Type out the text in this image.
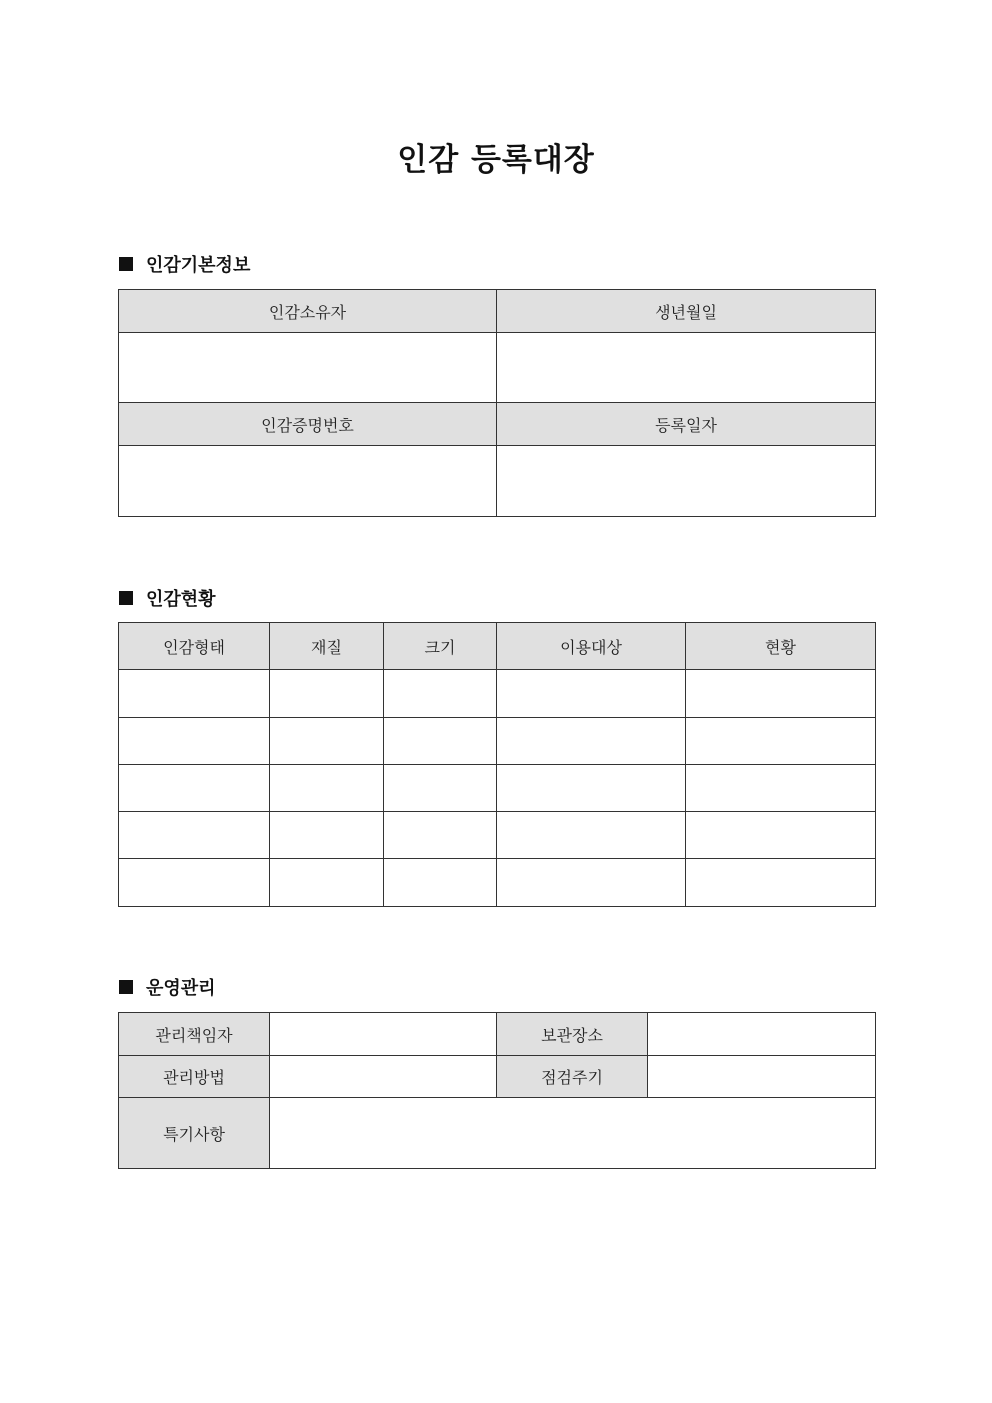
인감 등록대장
인감기본정보
인감소유자	생년월일

인감증명번호	등록일자

인감현황
인감형태	재질	크기	이용대상	현황

운영관리
관리책임자		보관장소	
관리방법		점검주기	
특기사항			
